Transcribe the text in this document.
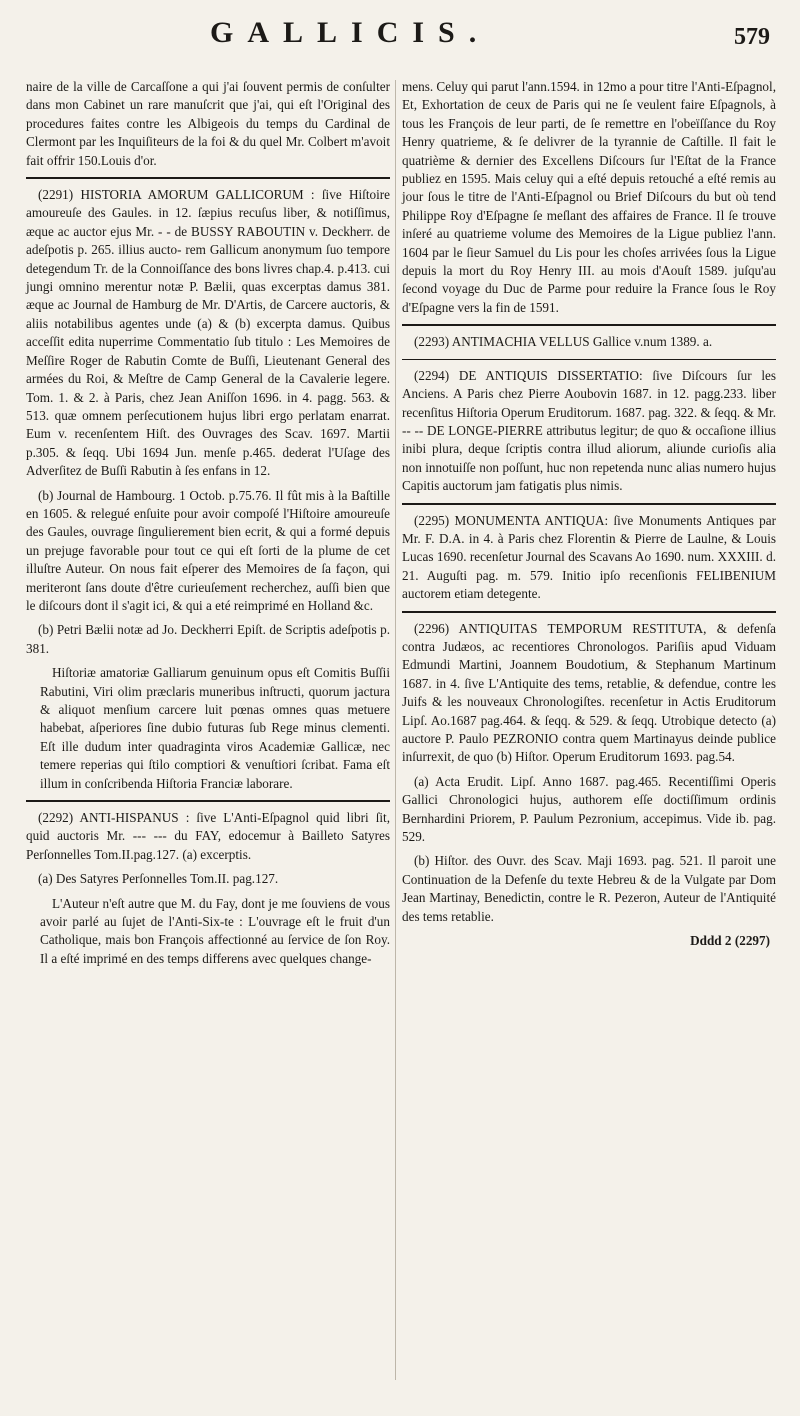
GALLICIS.	579

naire de la ville de Carcaſſone a qui j'ai ſouvent permis de conſulter dans mon Cabinet un rare manuſcrit que j'ai, qui eſt l'Original des procedures faites contre les Albigeois du temps du Cardinal de Clermont par les Inquiſiteurs de la foi & du quel Mr. Colbert m'avoit fait offrir 150.Louis d'or.

(2291) HISTORIA AMORUM GALLICORUM : ſive Hiſtoire amoureuſe des Gaules. in 12. ſæpius recuſus liber, & notiſſimus, æque ac auctor ejus Mr. - - de BUSSY RABOUTIN v. Deckherr. de adeſpotis p. 265. illius aucto- rem Gallicum anonymum ſuo tempore detegendum Tr. de la Connoiſſance des bons livres chap.4. p.413. cui jungi omnino merentur notæ P. Bælii, quas excerptas damus 381. æque ac Journal de Hamburg de Mr. D'Artis, de Carcere auctoris, & aliis notabilibus agentes unde (a) & (b) excerpta damus. Quibus acceſſit edita nuperrime Commentatio ſub titulo : Les Memoires de Meſſire Roger de Rabutin Comte de Buſſi, Lieutenant General des armées du Roi, & Meſtre de Camp General de la Cavalerie legere. Tom. 1. & 2. à Paris, chez Jean Aniſſon 1696. in 4. pagg. 563. & 513. quæ omnem perſecutionem hujus libri ergo perlatam enarrat. Eum v. recenſentem Hiſt. des Ouvrages des Scav. 1697. Martii p.305. & ſeqq. Ubi 1694 Jun. menſe p.465. dederat l'Uſage des Adverſitez de Buſſi Rabutin à ſes enfans in 12.

(b) Journal de Hambourg. 1 Octob. p.75.76. Il fût mis à la Baſtille en 1605. & relegué enſuite pour avoir compoſé l'Hiſtoire amoureuſe des Gaules, ouvrage ſingulierement bien ecrit, & qui a formé depuis un prejuge favorable pour tout ce qui eſt ſorti de la plume de cet illuſtre Auteur. On nous fait eſperer des Memoires de ſa façon, qui meriteront ſans doute d'être curieuſement recherchez, auſſi bien que le diſcours dont il s'agit ici, & qui a eté reimprimé en Holland &c.

(b) Petri Bælii notæ ad Jo. Deckherri Epiſt. de Scriptis adeſpotis p. 381.

Hiſtoriæ amatoriæ Galliarum genuinum opus eſt Comitis Buſſii Rabutini, Viri olim præclaris muneribus inſtructi, quorum jactura & aliquot menſium carcere luit pœnas omnes quas metuere habebat, aſperiores ſine dubio futuras ſub Rege minus clementi. Eſt ille dudum inter quadraginta viros Academiæ Gallicæ, nec temere reperias qui ſtilo comptiori & venuſtiori ſcribat. Fama eſt illum in conſcribenda Hiſtoria Franciæ laborare.

(2292) ANTI-HISPANUS : ſive L'Anti-Eſpagnol quid libri ſit, quid auctoris Mr. --- --- du FAY, edocemur à Bailleto Satyres Perſonnelles Tom.II.pag.127. (a) excerptis.

(a) Des Satyres Perſonnelles Tom.II. pag.127.

L'Auteur n'eſt autre que M. du Fay, dont je me ſouviens de vous avoir parlé au ſujet de l'Anti-Six-te : L'ouvrage eſt le fruit d'un Catholique, mais bon François affectionné au ſervice de ſon Roy. Il a eſté imprimé en des temps differens avec quelques change-

mens. Celuy qui parut l'ann.1594. in 12mo a pour titre l'Anti-Eſpagnol, Et, Exhortation de ceux de Paris qui ne ſe veulent faire Eſpagnols, à tous les François de leur parti, de ſe remettre en l'obeïſſance du Roy Henry quatrieme, & ſe delivrer de la tyrannie de Caſtille. Il fait le quatrième & dernier des Excellens Diſcours ſur l'Eſtat de la France publiez en 1595. Mais celuy qui a eſté depuis retouché a eſté remis au jour ſous le titre de l'Anti-Eſpagnol ou Brief Diſcours du but où tend Philippe Roy d'Eſpagne ſe meſlant des affaires de France. Il ſe trouve inſeré au quatrieme volume des Memoires de la Ligue publiez l'ann. 1604 par le ſieur Samuel du Lis pour les choſes arrivées ſous la Ligue depuis la mort du Roy Henry III. au mois d'Aouſt 1589. juſqu'au ſecond voyage du Duc de Parme pour reduire la France ſous le Roy d'Eſpagne vers la fin de 1591.

(2293) ANTIMACHIA VELLUS Gallice v.num 1389. a.

(2294) DE ANTIQUIS DISSERTATIO: ſive Diſcours ſur les Anciens. A Paris chez Pierre Aoubovin 1687. in 12. pagg.233. liber recenſitus Hiſtoria Operum Eruditorum. 1687. pag. 322. & ſeqq. & Mr. -- -- DE LONGE-PIERRE attributus legitur; de quo & occaſione illius inibi plura, deque ſcriptis contra illud aliorum, aliunde curioſis alia non innotuiſſe non poſſunt, huc non repetenda nunc alias numero hujus Capitis auctorum jam fatigatis plus nimis.

(2295) MONUMENTA ANTIQUA: ſive Monuments Antiques par Mr. F. D.A. in 4. à Paris chez Florentin & Pierre de Laulne, & Louis Lucas 1690. recenſetur Journal des Scavans Ao 1690. num. XXXIII. d. 21. Auguſti pag. m. 579. Initio ipſo recenſionis FELIBENIUM auctorem etiam detegente.

(2296) ANTIQUITAS TEMPORUM RESTITUTA, & defenſa contra Judæos, ac recentiores Chronologos. Pariſiis apud Viduam Edmundi Martini, Joannem Boudotium, & Stephanum Martinum 1687. in 4. ſive L'Antiquite des tems, retablie, & defendue, contre les Juifs & les nouveaux Chronologiſtes. recenſetur in Actis Eruditorum Lipſ. Ao.1687 pag.464. & ſeqq. & 529. & ſeqq. Utrobique detecto (a) auctore P. Paulo PEZRONIO contra quem Martinayus deinde publice inſurrexit, de quo (b) Hiſtor. Operum Eruditorum 1693. pag.54.

(a) Acta Erudit. Lipſ. Anno 1687. pag.465. Recentiſſimi Operis Gallici Chronologici hujus, authorem eſſe doctiſſimum ordinis Bernhardini Priorem, P. Paulum Pezronium, accepimus. Vide ib. pag. 529.

(b) Hiſtor. des Ouvr. des Scav. Maji 1693. pag. 521. Il paroit une Continuation de la Defenſe du texte Hebreu & de la Vulgate par Dom Jean Martinay, Benedictin, contre le R. Pezeron, Auteur de l'Antiquité des tems retablie.

Dddd 2 (2297)
